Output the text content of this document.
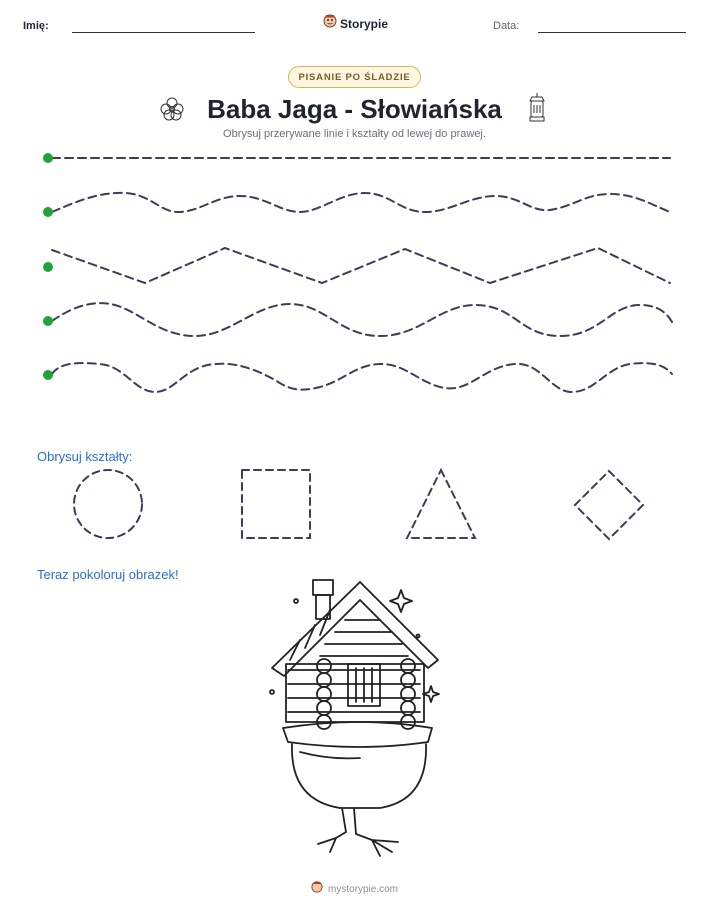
Imię:	Storypie	Data:
PISANIE PO ŚLADZIE
Baba Jaga - Słowiańska
Obrysuj przerywane linie i kształty od lewej do prawej.
Obrysuj kształty:
Teraz pokoloruj obrazek!
mystorypie.com
